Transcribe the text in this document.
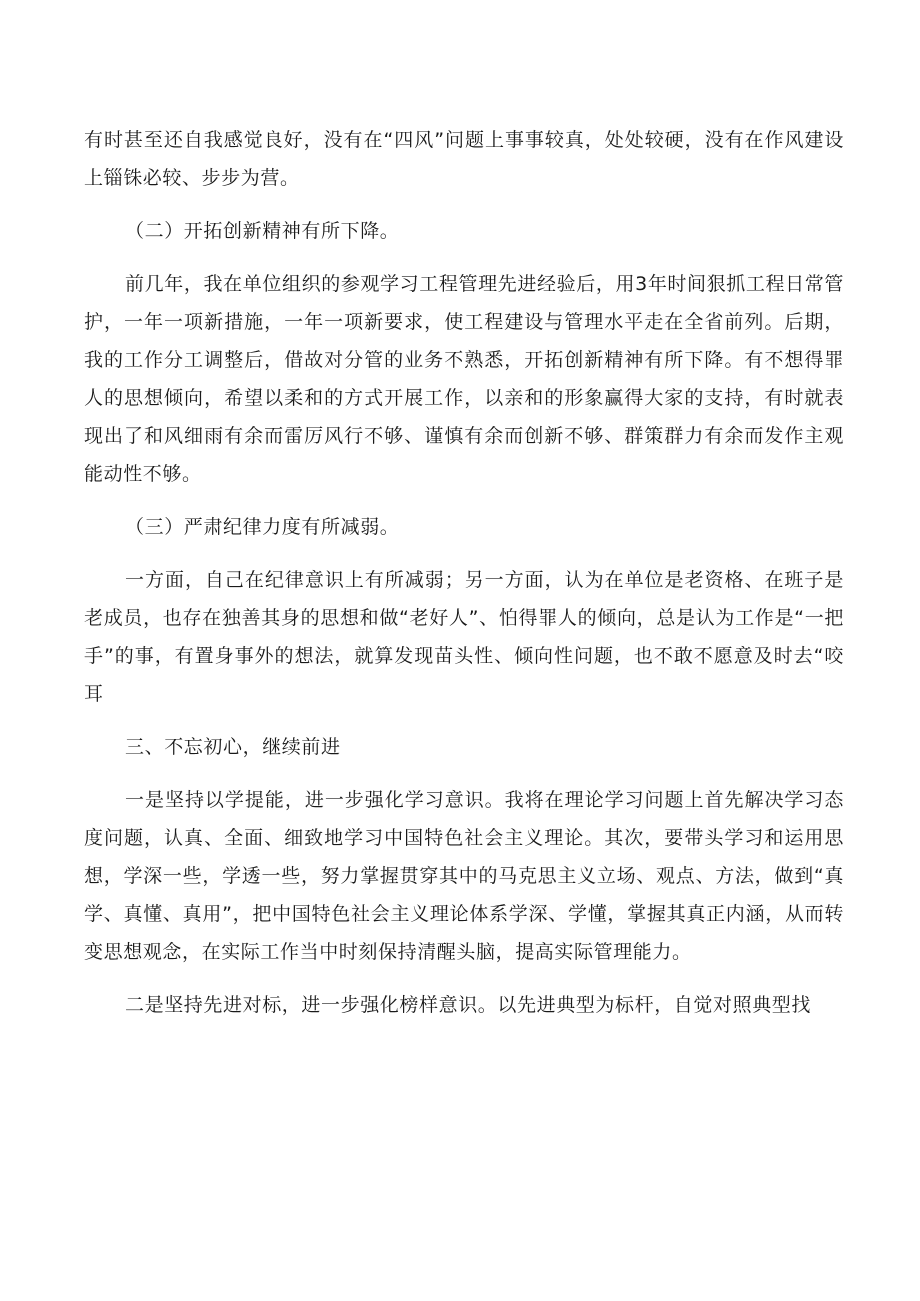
有时甚至还自我感觉良好，没有在“四风”问题上事事较真，处处较硬，没有在作风建设上锱铢必较、步步为营。

（二）开拓创新精神有所下降。

前几年，我在单位组织的参观学习工程管理先进经验后，用3年时间狠抓工程日常管护，一年一项新措施，一年一项新要求，使工程建设与管理水平走在全省前列。后期，我的工作分工调整后，借故对分管的业务不熟悉，开拓创新精神有所下降。有不想得罪人的思想倾向，希望以柔和的方式开展工作，以亲和的形象赢得大家的支持，有时就表现出了和风细雨有余而雷厉风行不够、谨慎有余而创新不够、群策群力有余而发作主观能动性不够。

（三）严肃纪律力度有所减弱。

一方面，自己在纪律意识上有所减弱；另一方面，认为在单位是老资格、在班子是老成员，也存在独善其身的思想和做“老好人”、怕得罪人的倾向，总是认为工作是“一把手”的事，有置身事外的想法，就算发现苗头性、倾向性问题，也不敢不愿意及时去“咬耳

三、不忘初心，继续前进

一是坚持以学提能，进一步强化学习意识。我将在理论学习问题上首先解决学习态度问题，认真、全面、细致地学习中国特色社会主义理论。其次，要带头学习和运用思想，学深一些，学透一些，努力掌握贯穿其中的马克思主义立场、观点、方法，做到“真学、真懂、真用”，把中国特色社会主义理论体系学深、学懂，掌握其真正内涵，从而转变思想观念，在实际工作当中时刻保持清醒头脑，提高实际管理能力。

二是坚持先进对标，进一步强化榜样意识。以先进典型为标杆，自觉对照典型找
